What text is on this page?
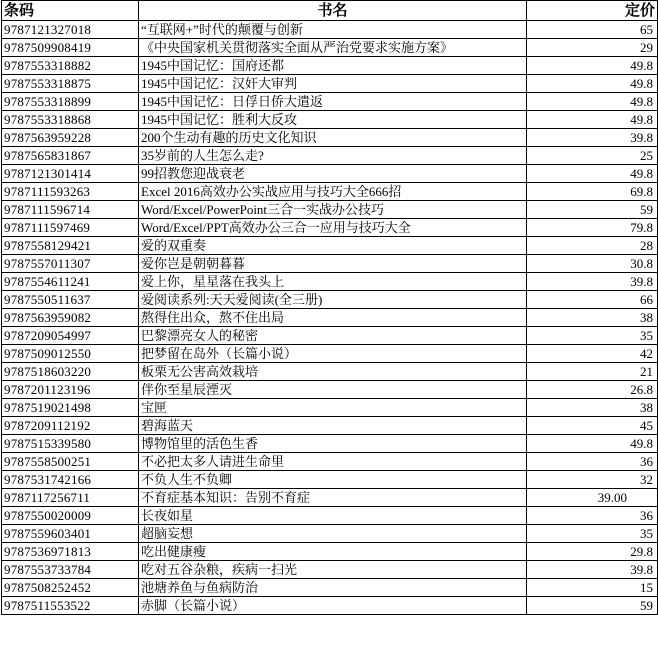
条码	书名	定价
9787121327018	“互联网+”时代的颠覆与创新	65
9787509908419	《中央国家机关贯彻落实全面从严治党要求实施方案》	29
9787553318882	1945中国记忆：国府还都	49.8
9787553318875	1945中国记忆：汉奸大审判	49.8
9787553318899	1945中国记忆：日俘日侨大遣返	49.8
9787553318868	1945中国记忆：胜利大反攻	49.8
9787563959228	200个生动有趣的历史文化知识	39.8
9787565831867	35岁前的人生怎么走?	25
9787121301414	99招教您迎战衰老	49.8
9787111593263	Excel 2016高效办公实战应用与技巧大全666招	69.8
9787111596714	Word/Excel/PowerPoint三合一实战办公技巧	59
9787111597469	Word/Excel/PPT高效办公三合一应用与技巧大全	79.8
9787558129421	爱的双重奏	28
9787557011307	爱你岂是朝朝暮暮	30.8
9787554611241	爱上你，星星落在我头上	39.8
9787550511637	爱阅读系列:天天爱阅读(全三册)	66
9787563959082	熬得住出众，熬不住出局	38
9787209054997	巴黎漂亮女人的秘密	35
9787509012550	把梦留在岛外（长篇小说）	42
9787518603220	板栗无公害高效栽培	21
9787201123196	伴你至星辰湮灭	26.8
9787519021498	宝匣	38
9787209112192	碧海蓝天	45
9787515339580	博物馆里的活色生香	49.8
9787558500251	不必把太多人请进生命里	36
9787531742166	不负人生不负卿	32
9787117256711	不育症基本知识：告别不育症	39.00
9787550020009	长夜如星	36
9787559603401	超脑妄想	35
9787536971813	吃出健康瘦	29.8
9787553733784	吃对五谷杂粮，疾病一扫光	39.8
9787508252452	池塘养鱼与鱼病防治	15
9787511553522	赤脚（长篇小说）	59
